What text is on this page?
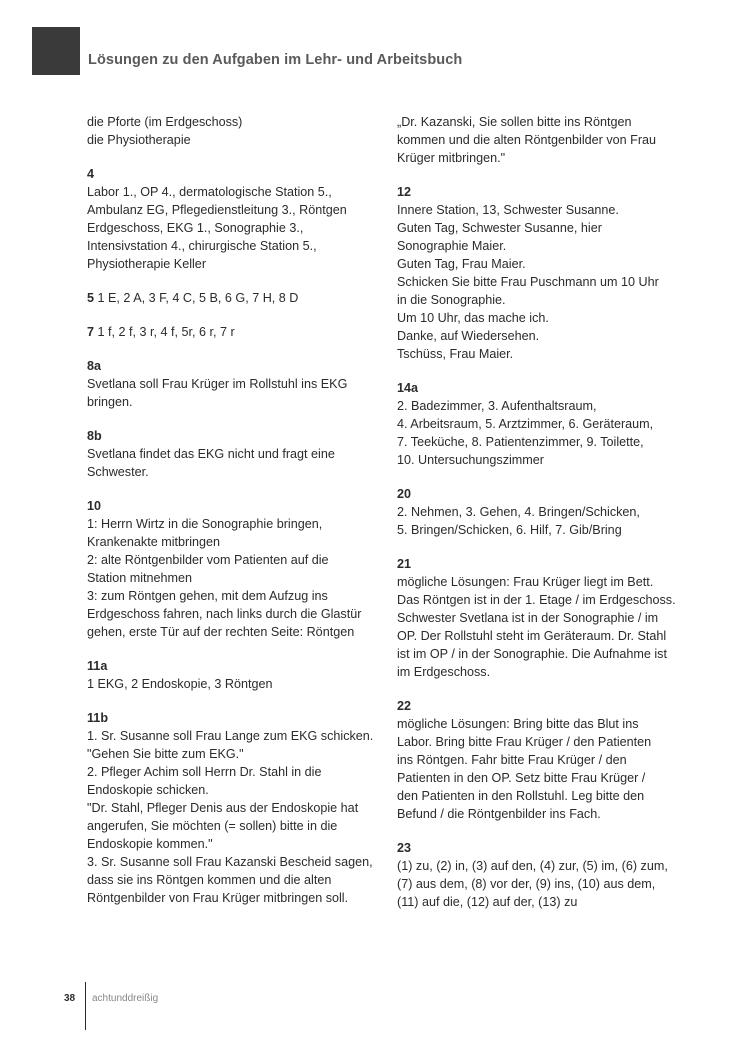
Lösungen zu den Aufgaben im Lehr- und Arbeitsbuch
die Pforte (im Erdgeschoss)
die Physiotherapie
4
Labor 1., OP 4., dermatologische Station 5.,
Ambulanz EG, Pflegedienstleitung 3., Röntgen
Erdgeschoss, EKG 1., Sonographie 3.,
Intensivstation 4., chirurgische Station 5.,
Physiotherapie Keller
5 1 E, 2 A, 3 F, 4 C, 5 B, 6 G, 7 H, 8 D
7 1 f, 2 f, 3 r, 4 f, 5r, 6 r, 7 r
8a
Svetlana soll Frau Krüger im Rollstuhl ins EKG
bringen.
8b
Svetlana findet das EKG nicht und fragt eine
Schwester.
10
1: Herrn Wirtz in die Sonographie bringen,
Krankenakte mitbringen
2: alte Röntgenbilder vom Patienten auf die
Station mitnehmen
3: zum Röntgen gehen, mit dem Aufzug ins
Erdgeschoss fahren, nach links durch die Glastür
gehen, erste Tür auf der rechten Seite: Röntgen
11a
1 EKG, 2 Endoskopie, 3 Röntgen
11b
1. Sr. Susanne soll Frau Lange zum EKG schicken.
"Gehen Sie bitte zum EKG."
2. Pfleger Achim soll Herrn Dr. Stahl in die
Endoskopie schicken.
"Dr. Stahl, Pfleger Denis aus der Endoskopie hat
angerufen, Sie möchten (= sollen) bitte in die
Endoskopie kommen."
3. Sr. Susanne soll Frau Kazanski Bescheid sagen,
dass sie ins Röntgen kommen und die alten
Röntgenbilder von Frau Krüger mitbringen soll.
„Dr. Kazanski, Sie sollen bitte ins Röntgen
kommen und die alten Röntgenbilder von Frau
Krüger mitbringen."
12
Innere Station, 13, Schwester Susanne.
Guten Tag, Schwester Susanne, hier
Sonographie Maier.
Guten Tag, Frau Maier.
Schicken Sie bitte Frau Puschmann um 10 Uhr
in die Sonographie.
Um 10 Uhr, das mache ich.
Danke, auf Wiedersehen.
Tschüss, Frau Maier.
14a
2. Badezimmer, 3. Aufenthaltsraum,
4. Arbeitsraum, 5. Arztzimmer, 6. Geräteraum,
7. Teeküche, 8. Patientenzimmer, 9. Toilette,
10. Untersuchungszimmer
20
2. Nehmen, 3. Gehen, 4. Bringen/Schicken,
5. Bringen/Schicken, 6. Hilf, 7. Gib/Bring
21
mögliche Lösungen: Frau Krüger liegt im Bett.
Das Röntgen ist in der 1. Etage / im Erdgeschoss.
Schwester Svetlana ist in der Sonographie / im
OP. Der Rollstuhl steht im Geräteraum. Dr. Stahl
ist im OP / in der Sonographie. Die Aufnahme ist
im Erdgeschoss.
22
mögliche Lösungen: Bring bitte das Blut ins
Labor. Bring bitte Frau Krüger / den Patienten
ins Röntgen. Fahr bitte Frau Krüger / den
Patienten in den OP. Setz bitte Frau Krüger /
den Patienten in den Rollstuhl. Leg bitte den
Befund / die Röntgenbilder ins Fach.
23
(1) zu, (2) in, (3) auf den, (4) zur, (5) im, (6) zum,
(7) aus dem, (8) vor der, (9) ins, (10) aus dem,
(11) auf die, (12) auf der, (13) zu
38 achtunddreißig
